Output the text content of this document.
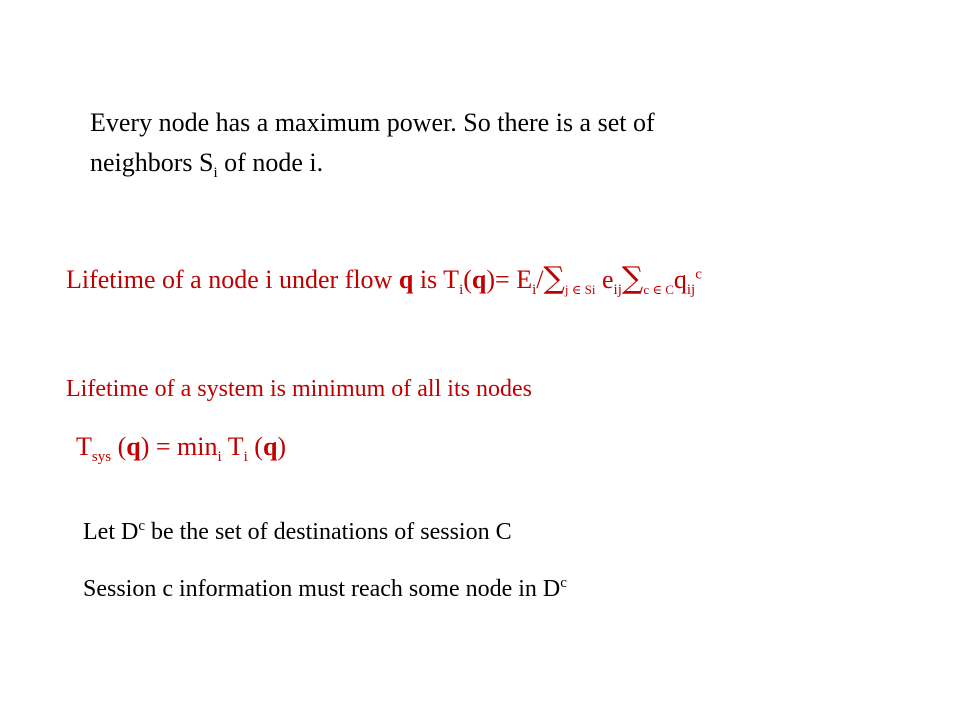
Every node has a maximum power. So there is a set of
neighbors $S_i$ of node i.
Lifetime of a node i under flow q is $T_i(q)= E_i/\sum_{j \in Si}$ $e_{ij}\sum_{c \in C}q_{ij}^c$
Lifetime of a system is minimum of all its nodes
$T_{sys}$ $(q) = \min_i T_i$ (q)
Let $D^c$ be the set of destinations of session C
Session c information must reach some node in $D^c$
